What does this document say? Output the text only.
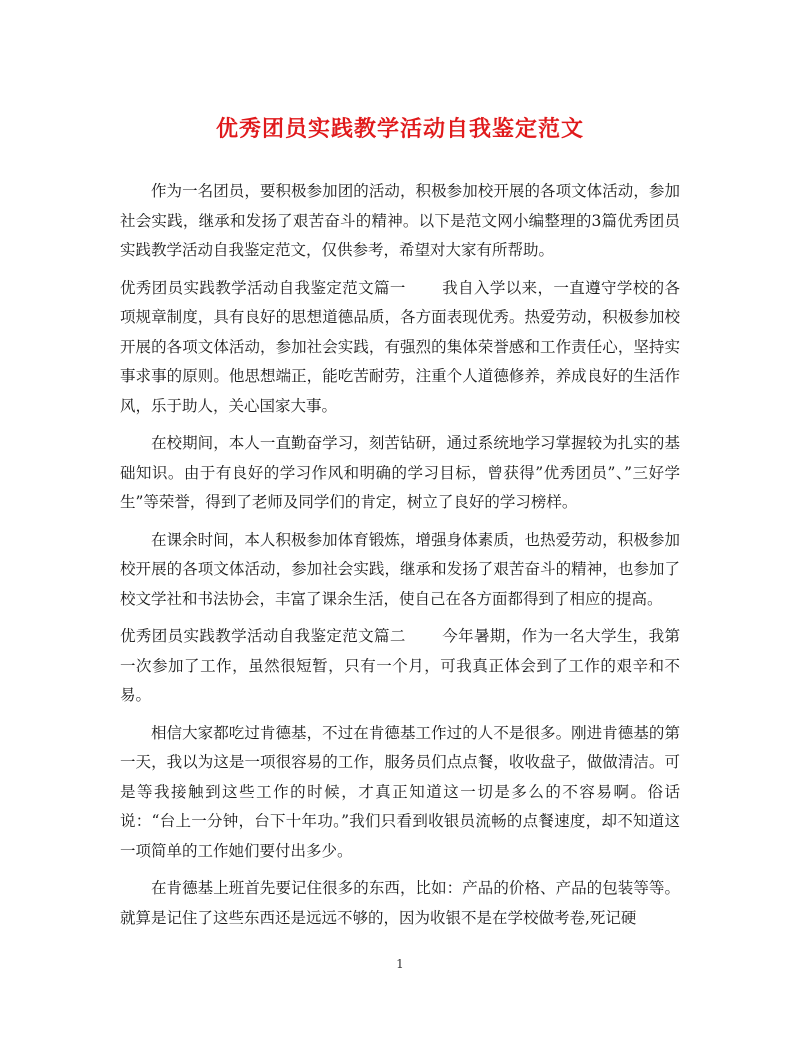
优秀团员实践教学活动自我鉴定范文

作为一名团员，要积极参加团的活动，积极参加校开展的各项文体活动，参加社会实践，继承和发扬了艰苦奋斗的精神。以下是范文网小编整理的3篇优秀团员实践教学活动自我鉴定范文，仅供参考，希望对大家有所帮助。

优秀团员实践教学活动自我鉴定范文篇一 我自入学以来，一直遵守学校的各项规章制度，具有良好的思想道德品质，各方面表现优秀。热爱劳动，积极参加校开展的各项文体活动，参加社会实践，有强烈的集体荣誉感和工作责任心，坚持实事求事的原则。他思想端正，能吃苦耐劳，注重个人道德修养，养成良好的生活作风，乐于助人，关心国家大事。

在校期间，本人一直勤奋学习，刻苦钻研，通过系统地学习掌握较为扎实的基础知识。由于有良好的学习作风和明确的学习目标，曾获得”优秀团员”、”三好学生”等荣誉，得到了老师及同学们的肯定，树立了良好的学习榜样。

在课余时间，本人积极参加体育锻炼，增强身体素质，也热爱劳动，积极参加校开展的各项文体活动，参加社会实践，继承和发扬了艰苦奋斗的精神，也参加了校文学社和书法协会，丰富了课余生活，使自己在各方面都得到了相应的提高。

优秀团员实践教学活动自我鉴定范文篇二 今年暑期，作为一名大学生，我第一次参加了工作，虽然很短暂，只有一个月，可我真正体会到了工作的艰辛和不易。

相信大家都吃过肯德基，不过在肯德基工作过的人不是很多。刚进肯德基的第一天，我以为这是一项很容易的工作，服务员们点点餐，收收盘子，做做清洁。可是等我接触到这些工作的时候，才真正知道这一切是多么的不容易啊。俗话说：“台上一分钟，台下十年功。”我们只看到收银员流畅的点餐速度，却不知道这一项简单的工作她们要付出多少。

在肯德基上班首先要记住很多的东西，比如：产品的价格、产品的包装等等。就算是记住了这些东西还是远远不够的，因为收银不是在学校做考卷,死记硬

1
